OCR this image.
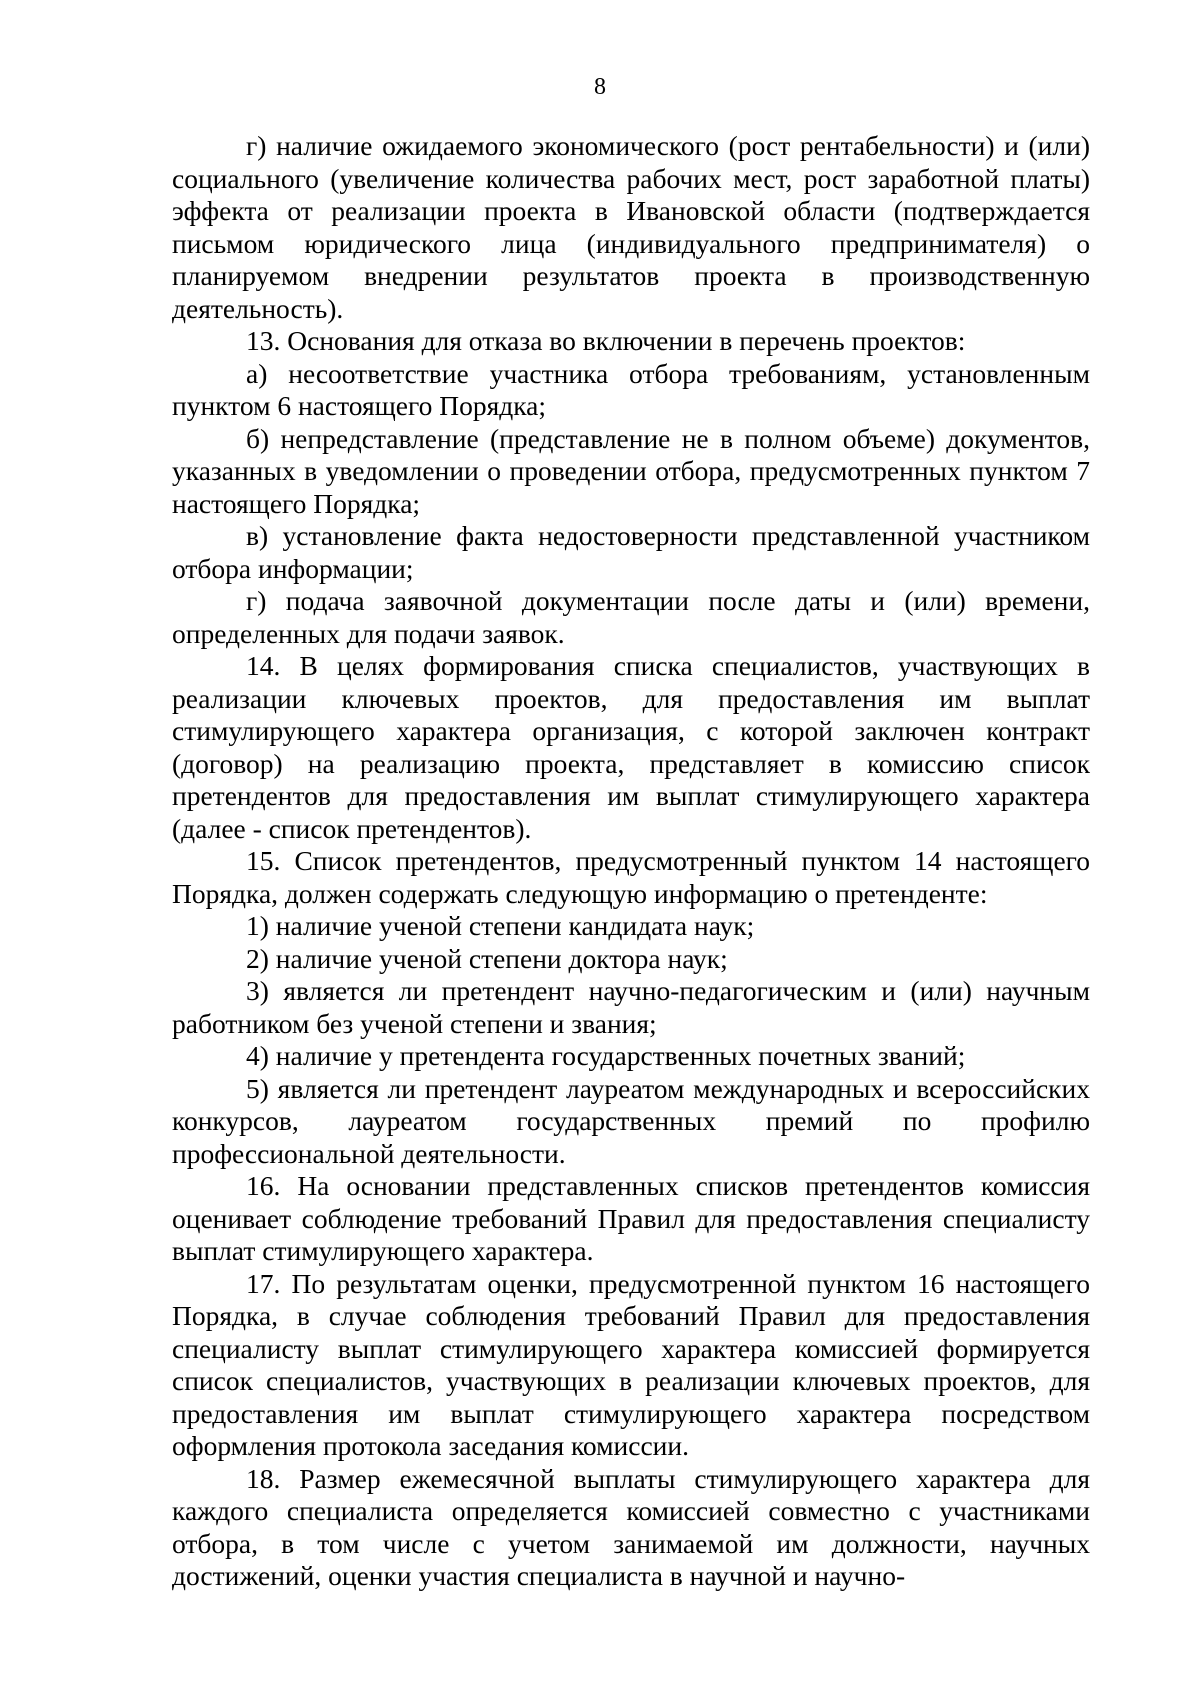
8

г) наличие ожидаемого экономического (рост рентабельности) и (или) социального (увеличение количества рабочих мест, рост заработной платы) эффекта от реализации проекта в Ивановской области (подтверждается письмом юридического лица (индивидуального предпринимателя) о планируемом внедрении результатов проекта в производственную деятельность).

13. Основания для отказа во включении в перечень проектов:

а) несоответствие участника отбора требованиям, установленным пунктом 6 настоящего Порядка;

б) непредставление (представление не в полном объеме) документов, указанных в уведомлении о проведении отбора, предусмотренных пунктом 7 настоящего Порядка;

в) установление факта недостоверности представленной участником отбора информации;

г) подача заявочной документации после даты и (или) времени, определенных для подачи заявок.

14. В целях формирования списка специалистов, участвующих в реализации ключевых проектов, для предоставления им выплат стимулирующего характера организация, с которой заключен контракт (договор) на реализацию проекта, представляет в комиссию список претендентов для предоставления им выплат стимулирующего характера (далее - список претендентов).

15. Список претендентов, предусмотренный пунктом 14 настоящего Порядка, должен содержать следующую информацию о претенденте:

1) наличие ученой степени кандидата наук;

2) наличие ученой степени доктора наук;

3) является ли претендент научно-педагогическим и (или) научным работником без ученой степени и звания;

4) наличие у претендента государственных почетных званий;

5) является ли претендент лауреатом международных и всероссийских конкурсов, лауреатом государственных премий по профилю профессиональной деятельности.

16. На основании представленных списков претендентов комиссия оценивает соблюдение требований Правил для предоставления специалисту выплат стимулирующего характера.

17. По результатам оценки, предусмотренной пунктом 16 настоящего Порядка, в случае соблюдения требований Правил для предоставления специалисту выплат стимулирующего характера комиссией формируется список специалистов, участвующих в реализации ключевых проектов, для предоставления им выплат стимулирующего характера посредством оформления протокола заседания комиссии.

18. Размер ежемесячной выплаты стимулирующего характера для каждого специалиста определяется комиссией совместно с участниками отбора, в том числе с учетом занимаемой им должности, научных достижений, оценки участия специалиста в научной и научно-
